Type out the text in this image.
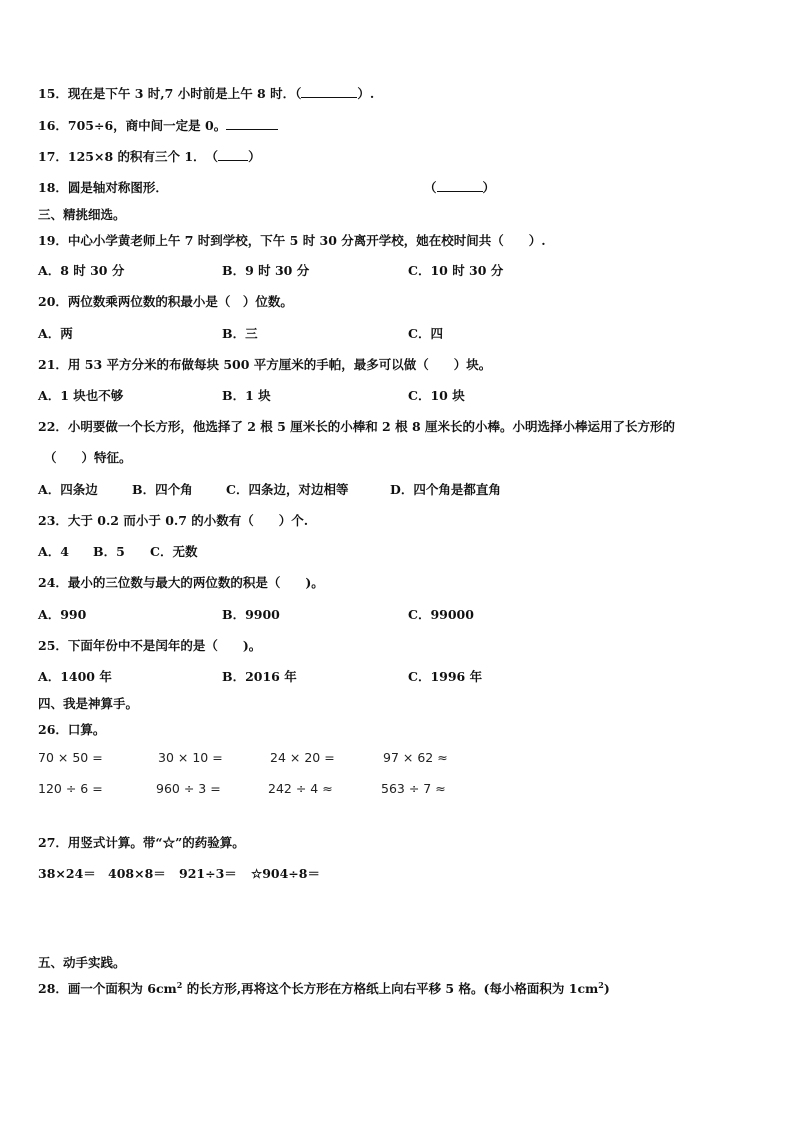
15．现在是下午 3 时,7 小时前是上午 8 时．（	）.
16．705÷6，商中间一定是 0。
17．125×8 的积有三个 1．　（ ）
18．圆是轴对称图形．	（	）
三、精挑细选。
19．中心小学黄老师上午 7 时到学校，下午 5 时 30 分离开学校，她在校时间共（　　）.
A．8 时 30 分	B．9 时 30 分	C．10 时 30 分
20．两位数乘两位数的积最小是（　）位数。
A．两	B．三	C．四
21．用 53 平方分米的布做每块 500 平方厘米的手帕，最多可以做（　　）块。
A．1 块也不够	B．1 块	C．10 块
22．小明要做一个长方形，他选择了 2 根 5 厘米长的小棒和 2 根 8 厘米长的小棒。小明选择小棒运用了长方形的
（　　）特征。
A．四条边	B．四个角	C．四条边，对边相等	D．四个角是都直角
23．大于 0.2 而小于 0.7 的小数有（　　）个.
A．4 B．5 C．无数
24．最小的三位数与最大的两位数的积是（　　)。
A．990	B．9900	C．99000
25．下面年份中不是闰年的是（　　)。
A．1400 年	B．2016 年	C．1996 年
四、我是神算手。
26．口算。
70 × 50 =	30 × 10 =	24 × 20 =	97 × 62 ≈
120 ÷ 6 =	960 ÷ 3 =	242 ÷ 4 ≈	563 ÷ 7 ≈
27．用竖式计算。带“☆”的药验算。
38×24＝ 408×8＝ 921÷3＝ ☆904÷8＝
五、动手实践。
28．画一个面积为 $6cm^2$ 的长方形,再将这个长方形在方格纸上向右平移 5 格。(每小格面积为 $1cm^2$)
